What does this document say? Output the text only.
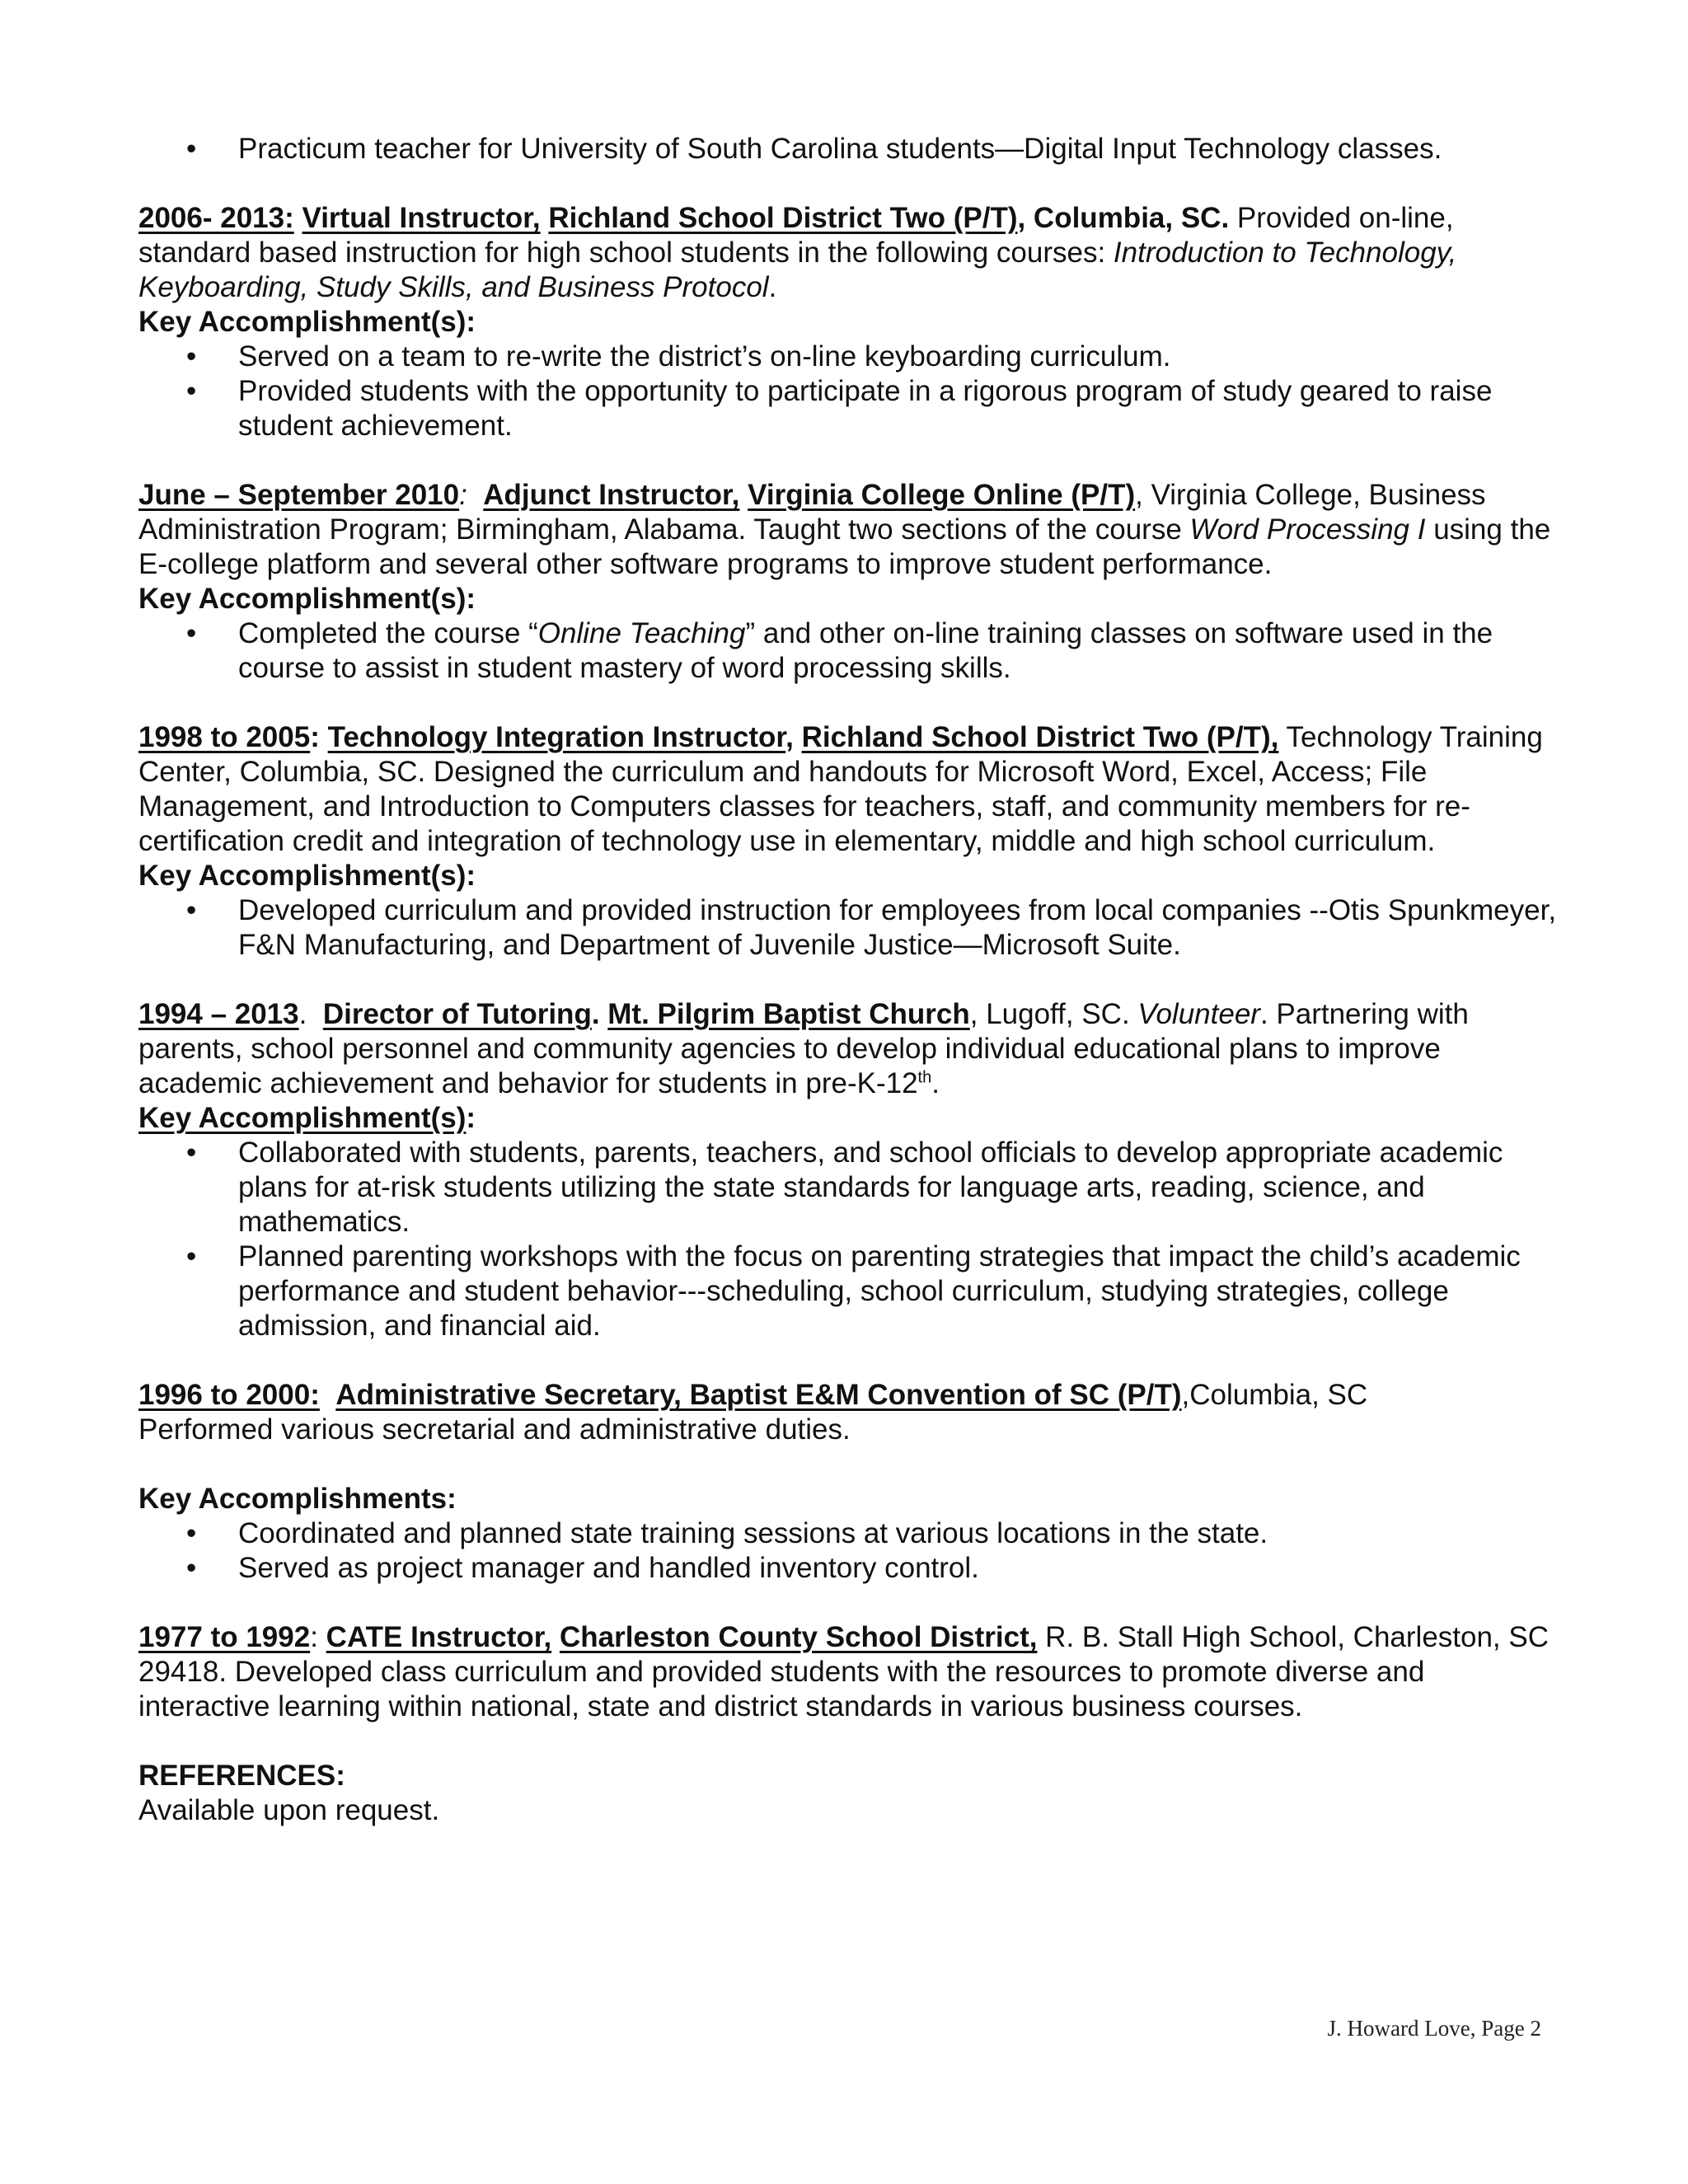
• Practicum teacher for University of South Carolina students—Digital Input Technology classes.

2006- 2013: Virtual Instructor, Richland School District Two (P/T), Columbia, SC. Provided on-line, standard based instruction for high school students in the following courses: Introduction to Technology, Keyboarding, Study Skills, and Business Protocol.

Key Accomplishment(s):

• Served on a team to re-write the district’s on-line keyboarding curriculum.
• Provided students with the opportunity to participate in a rigorous program of study geared to raise student achievement.

June – September 2010: Adjunct Instructor, Virginia College Online (P/T), Virginia College, Business Administration Program; Birmingham, Alabama. Taught two sections of the course Word Processing I using the E-college platform and several other software programs to improve student performance.

Key Accomplishment(s):

• Completed the course “Online Teaching” and other on-line training classes on software used in the course to assist in student mastery of word processing skills.

1998 to 2005: Technology Integration Instructor, Richland School District Two (P/T), Technology Training Center, Columbia, SC. Designed the curriculum and handouts for Microsoft Word, Excel, Access; File Management, and Introduction to Computers classes for teachers, staff, and community members for re-certification credit and integration of technology use in elementary, middle and high school curriculum.

Key Accomplishment(s):

• Developed curriculum and provided instruction for employees from local companies --Otis Spunkmeyer, F&N Manufacturing, and Department of Juvenile Justice—Microsoft Suite.

1994 – 2013.  Director of Tutoring. Mt. Pilgrim Baptist Church, Lugoff, SC. Volunteer. Partnering with parents, school personnel and community agencies to develop individual educational plans to improve academic achievement and behavior for students in pre-K-12th.

Key Accomplishment(s):

• Collaborated with students, parents, teachers, and school officials to develop appropriate academic plans for at-risk students utilizing the state standards for language arts, reading, science, and mathematics.
• Planned parenting workshops with the focus on parenting strategies that impact the child’s academic performance and student behavior---scheduling, school curriculum, studying strategies, college admission, and financial aid.

1996 to 2000: Administrative Secretary, Baptist E&M Convention of SC (P/T),Columbia, SC

Performed various secretarial and administrative duties.

Key Accomplishments:

• Coordinated and planned state training sessions at various locations in the state.
• Served as project manager and handled inventory control.

1977 to 1992: CATE Instructor, Charleston County School District, R. B. Stall High School, Charleston, SC 29418. Developed class curriculum and provided students with the resources to promote diverse and interactive learning within national, state and district standards in various business courses.

REFERENCES:

Available upon request.

J. Howard Love, Page 2
